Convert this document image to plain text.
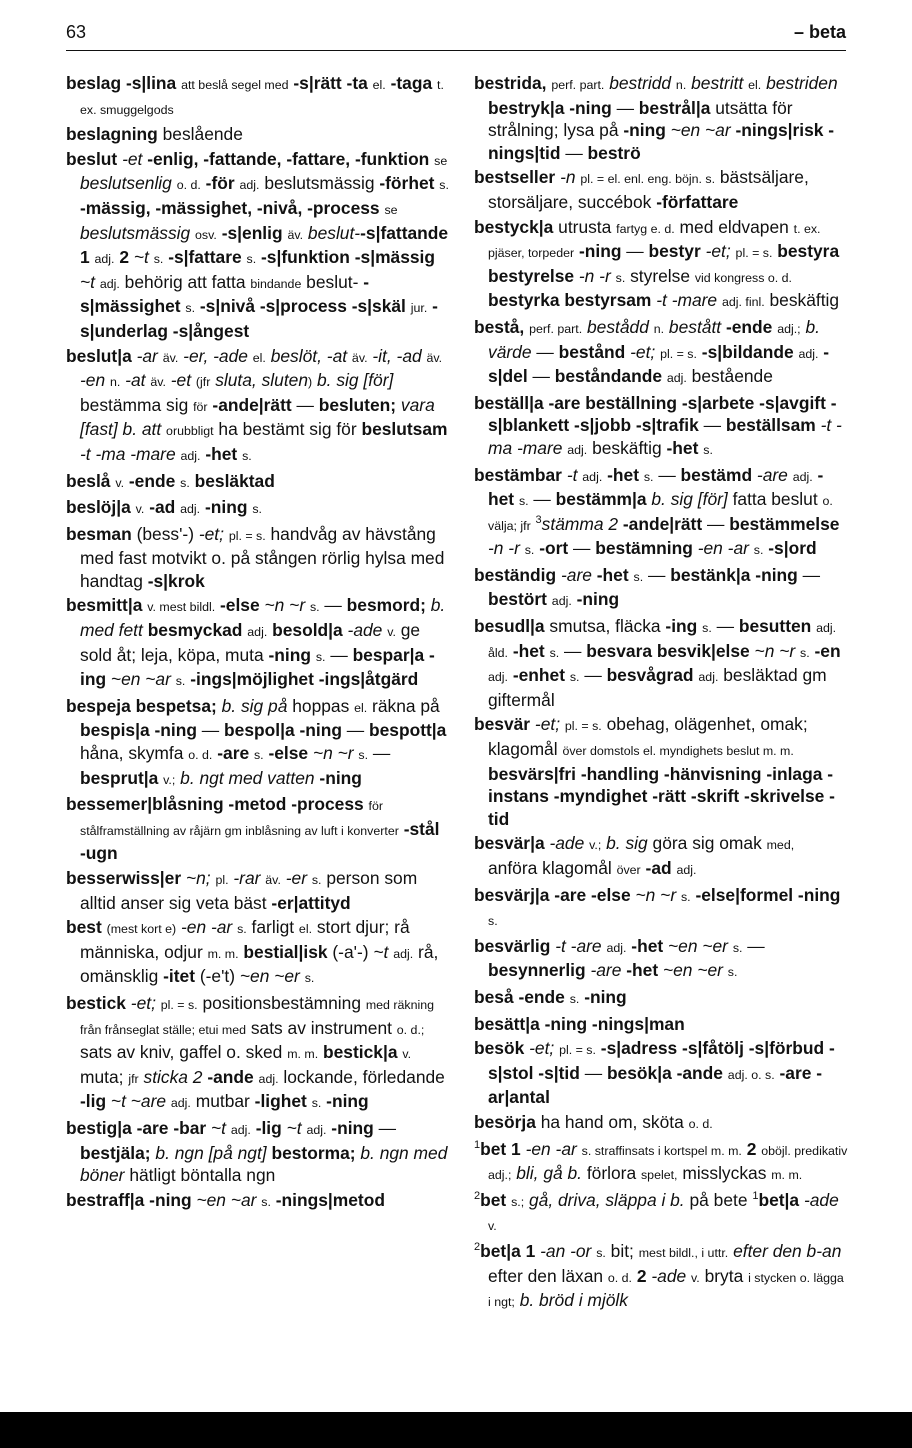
63	– beta

beslag -s|lina att beslå segel med -s|rätt -ta el. -taga t. ex. smuggelgods

beslagning beslående

beslut -et -enlig, -fattande, -fattare, -funktion se beslutsenlig o. d. -för adj. beslutsmässig -förhet s. -mässig, -mässighet, -nivå, -process se beslutsmässig osv. -s|enlig äv. beslut--s|fattande 1 adj. 2 ~t s. -s|fattare s. -s|funktion -s|mässig ~t adj. behörig att fatta bindande beslut- -s|mässighet s. -s|nivå -s|process -s|skäl jur. -s|underlag -s|ångest

beslut|a -ar äv. -er, -ade el. beslöt, -at äv. -it, -ad äv. -en n. -at äv. -et (jfr sluta, sluten) b. sig [för] bestämma sig för -ande|rätt — besluten; vara [fast] b. att orubbligt ha bestämt sig för beslutsam -t -ma -mare adj. -het s.

beslå v. -ende s. besläktad

beslöj|a v. -ad adj. -ning s.

besman (bess'-) -et; pl. = s. handvåg av hävstång med fast motvikt o. på stången rörlig hylsa med handtag -s|krok

besmitt|a v. mest bildl. -else ~n ~r s. — besmord; b. med fett besmyckad adj. besold|a -ade v. ge sold åt; leja, köpa, muta -ning s. — bespar|a -ing ~en ~ar s. -ings|möjlighet -ings|åtgärd

bespeja bespetsa; b. sig på hoppas el. räkna på bespis|a -ning — bespol|a -ning — bespott|a håna, skymfa o. d. -are s. -else ~n ~r s. — besprut|a v.; b. ngt med vatten -ning

bessemer|blåsning -metod -process för stålframställning av råjärn gm inblåsning av luft i konverter -stål -ugn

besserwiss|er ~n; pl. -rar äv. -er s. person som alltid anser sig veta bäst -er|attityd

best (mest kort e) -en -ar s. farligt el. stort djur; rå människa, odjur m. m. bestial|isk (-a'-) ~t adj. rå, omänsklig -itet (-e't) ~en ~er s.

bestick -et; pl. = s. positionsbestämning med räkning från frånseglat ställe; etui med sats av instrument o. d.; sats av kniv, gaffel o. sked m. m. bestick|a v. muta; jfr sticka 2 -ande adj. lockande, förledande -lig ~t ~are adj. mutbar -lighet s. -ning

bestig|a -are -bar ~t adj. -lig ~t adj. -ning — bestjäla; b. ngn [på ngt] bestorma; b. ngn med böner hätligt böntalla ngn

bestraff|a -ning ~en ~ar s. -nings|metod

bestrida, perf. part. bestridd n. bestritt el. bestriden bestryk|a -ning — bestrål|a utsätta för strålning; lysa på -ning ~en ~ar -nings|risk -nings|tid — beströ

bestseller -n pl. = el. enl. eng. böjn. s. bästsäljare, storsäljare, succébok -författare

bestyck|a utrusta fartyg e. d. med eldvapen t. ex. pjäser, torpeder -ning — bestyr -et; pl. = s. bestyra bestyrelse -n -r s. styrelse vid kongress o. d. bestyrka bestyrsam -t -mare adj. finl. beskäftig

bestå, perf. part. bestådd n. bestått -ende adj.; b. värde — bestånd -et; pl. = s. -s|bildande adj. -s|del — beståndande adj. bestående

beställ|a -are beställning -s|arbete -s|avgift -s|blankett -s|jobb -s|trafik — beställsam -t -ma -mare adj. beskäftig -het s.

bestämbar -t adj. -het s. — bestämd -are adj. -het s. — bestämm|a b. sig [för] fatta beslut o. välja; jfr $^3$stämma 2 -ande|rätt — bestämmelse -n -r s. -ort — bestämning -en -ar s. -s|ord

beständig -are -het s. — bestänk|a -ning — bestört adj. -ning

besudl|a smutsa, fläcka -ing s. — besutten adj. åld. -het s. — besvara besvik|else ~n ~r s. -en adj. -enhet s. — besvågrad adj. besläktad gm giftermål

besvär -et; pl. = s. obehag, olägenhet, omak; klagomål över domstols el. myndighets beslut m. m. besvärs|fri -handling -hänvisning -inlaga -instans -myndighet -rätt -skrift -skrivelse -tid

besvär|a -ade v.; b. sig göra sig omak med, anföra klagomål över -ad adj.

besvärj|a -are -else ~n ~r s. -else|formel -ning s.

besvärlig -t -are adj. -het ~en ~er s. — besynnerlig -are -het ~en ~er s.

beså -ende s. -ning

besätt|a -ning -nings|man

besök -et; pl. = s. -s|adress -s|fåtölj -s|förbud -s|stol -s|tid — besök|a -ande adj. o. s. -are -ar|antal

besörja ha hand om, sköta o. d.

$^1$bet 1 -en -ar s. straffinsats i kortspel m. m. 2 oböjl. predikativ adj.; bli, gå b. förlora spelet, misslyckas m. m.

$^2$bet s.; gå, driva, släppa i b. på bete $^1$bet|a -ade v.

$^2$bet|a 1 -an -or s. bit; mest bildl., i uttr. efter den b-an efter den läxan o. d. 2 -ade v. bryta i stycken o. lägga i ngt; b. bröd i mjölk
